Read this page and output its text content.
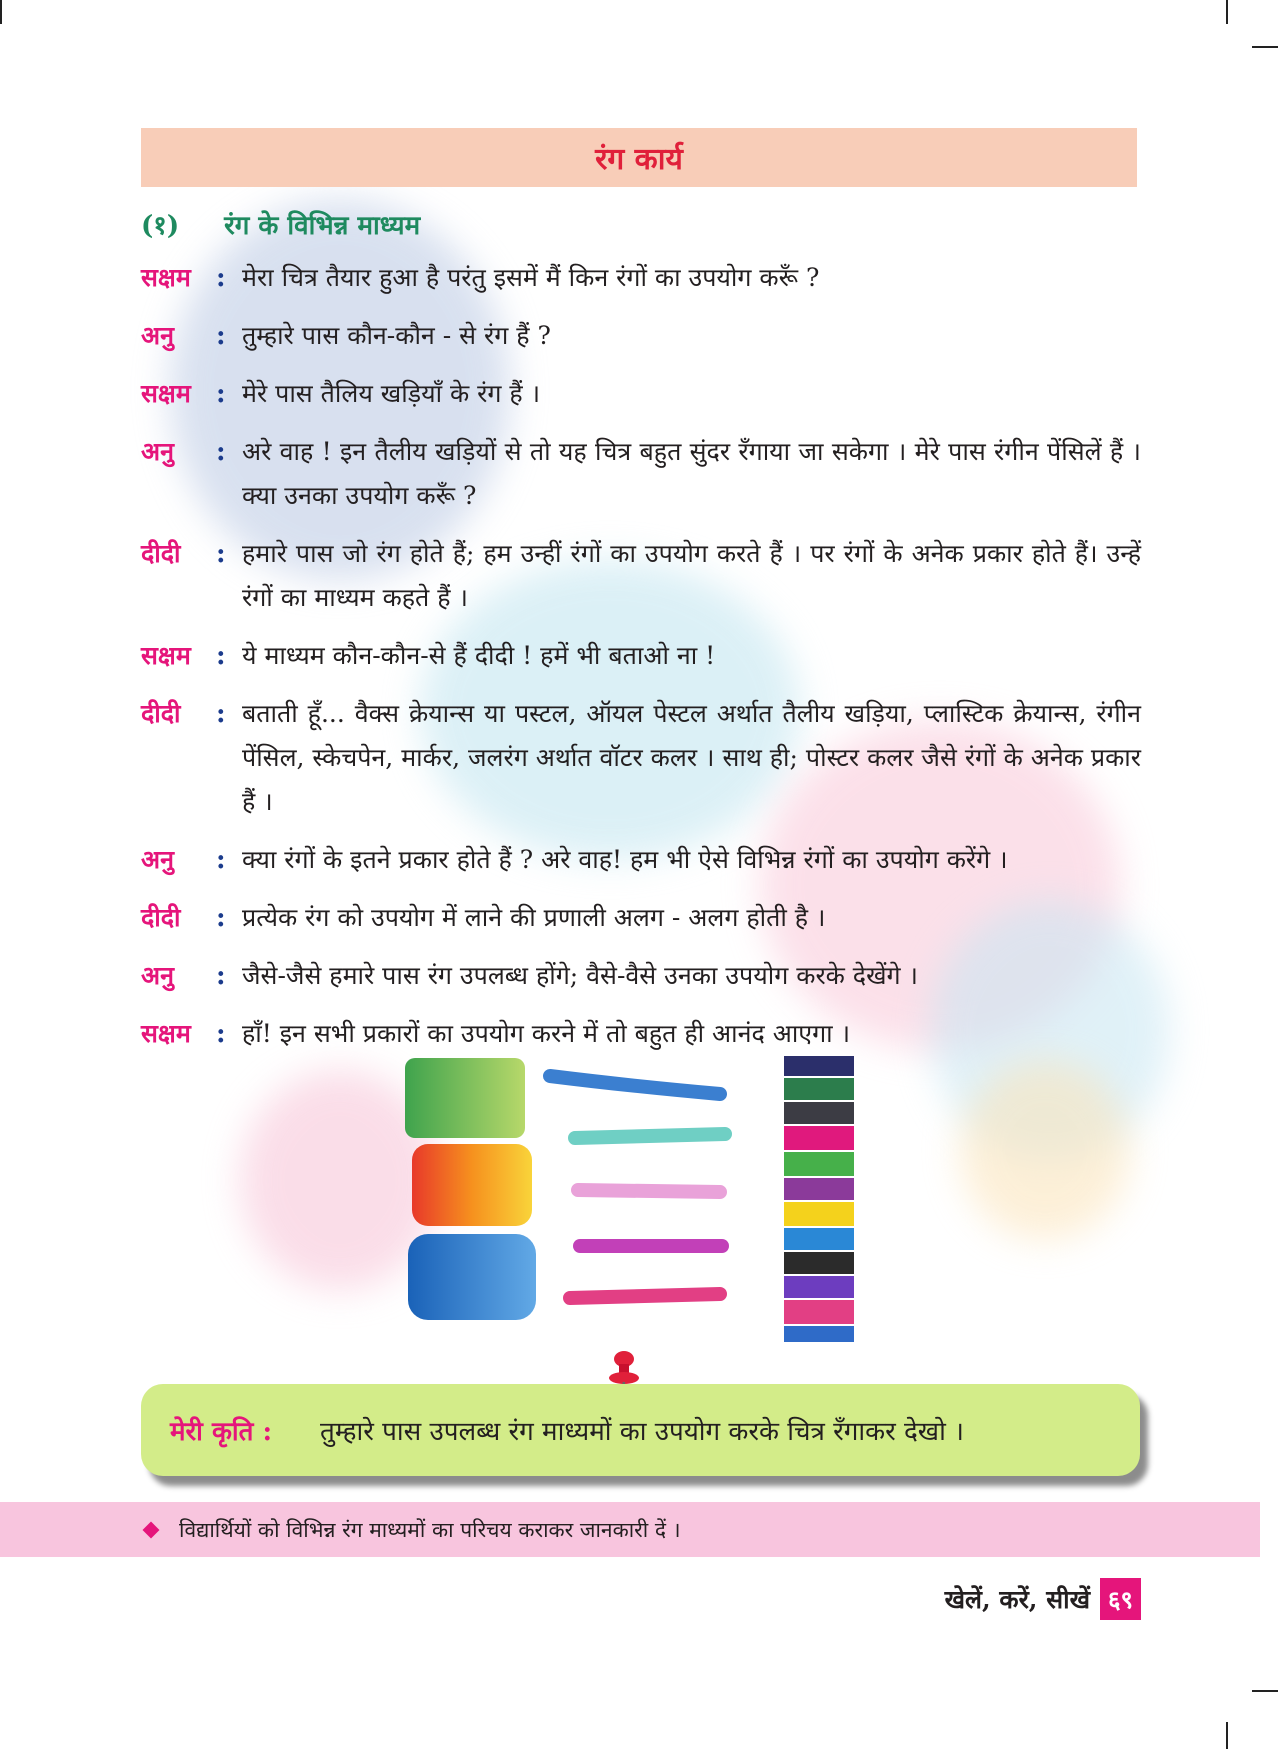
रंग कार्य
(१) रंग के विभिन्न माध्यम
सक्षम : मेरा चित्र तैयार हुआ है परंतु इसमें मैं किन रंगों का उपयोग करूँ ?
अनु	: तुम्हारे पास कौन-कौन - से रंग हैं ?
सक्षम : मेरे पास तैलिय खड़ियाँ के रंग हैं ।
अनु	: अरे वाह ! इन तैलीय खड़ियों से तो यह चित्र बहुत सुंदर रँगाया जा सकेगा । मेरे पास रंगीन पेंसिलें हैं । क्या उनका उपयोग करूँ ?
दीदी	: हमारे पास जो रंग होते हैं; हम उन्हीं रंगों का उपयोग करते हैं । पर रंगों के अनेक प्रकार होते हैं। उन्हें रंगों का माध्यम कहते हैं ।
सक्षम : ये माध्यम कौन-कौन-से हैं दीदी ! हमें भी बताओ ना !
दीदी	: बताती हूँ... वैक्स क्रेयान्स या पस्टल, ऑयल पेस्टल अर्थात तैलीय खड़िया, प्लास्टिक क्रेयान्स, रंगीन पेंसिल, स्केचपेन, मार्कर, जलरंग अर्थात वॉटर कलर । साथ ही; पोस्टर कलर जैसे रंगों के अनेक प्रकार हैं ।
अनु	: क्या रंगों के इतने प्रकार होते हैं ? अरे वाह! हम भी ऐसे विभिन्न रंगों का उपयोग करेंगे ।
दीदी	: प्रत्येक रंग को उपयोग में लाने की प्रणाली अलग - अलग होती है ।
अनु	: जैसे-जैसे हमारे पास रंग उपलब्ध होंगे; वैसे-वैसे उनका उपयोग करके देखेंगे ।
सक्षम : हाँ! इन सभी प्रकारों का उपयोग करने में तो बहुत ही आनंद आएगा ।
मेरी कृति :	तुम्हारे पास उपलब्ध रंग माध्यमों का उपयोग करके चित्र रँगाकर देखो ।
विद्यार्थियों को विभिन्न रंग माध्यमों का परिचय कराकर जानकारी दें ।
खेलें, करें, सीखें ६९
